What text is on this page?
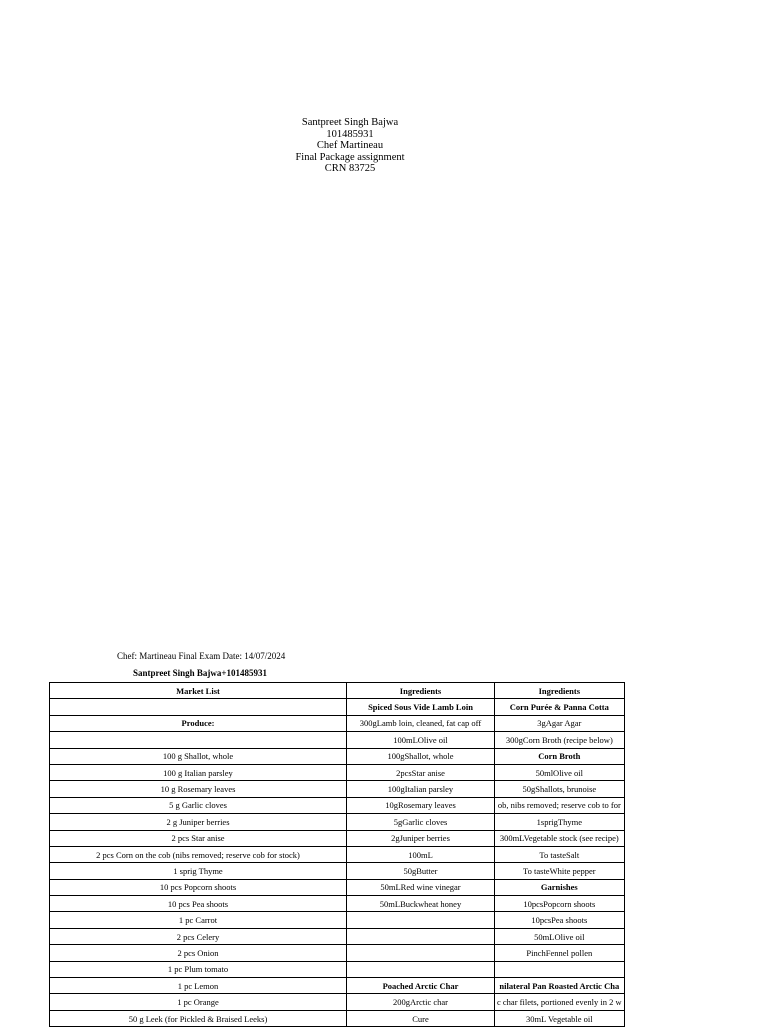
Santpreet Singh Bajwa
101485931
Chef Martineau
Final Package assignment
CRN 83725
Chef: Martineau Final Exam Date: 14/07/2024
Santpreet Singh Bajwa+101485931
Market List	Ingredients	Ingredients
	Spiced Sous Vide Lamb Loin	Corn Purée & Panna Cotta
Produce:	300gLamb loin, cleaned, fat cap off	3gAgar Agar
	100mLOlive oil	300gCorn Broth (recipe below)
100 g Shallot, whole	100gShallot, whole	Corn Broth
100 g Italian parsley	2pcsStar anise	50mlOlive oil
10 g Rosemary leaves	100gItalian parsley	50gShallots, brunoise
5 g Garlic cloves	10gRosemary leaves	ob, nibs removed; reserve cob to for
2 g Juniper berries	5gGarlic cloves	1sprigThyme
2 pcs Star anise	2gJuniper berries	300mLVegetable stock (see recipe)
2 pcs Corn on the cob (nibs removed; reserve cob for stock)	100mL	To tasteSalt
1 sprig Thyme	50gButter	To tasteWhite pepper
10 pcs Popcorn shoots	50mLRed wine vinegar	Garnishes
10 pcs Pea shoots	50mLBuckwheat honey	10pcsPopcorn shoots
1 pc Carrot		10pcsPea shoots
2 pcs Celery		50mLOlive oil
2 pcs Onion		PinchFennel pollen
1 pc Plum tomato		
1 pc Lemon	Poached Arctic Char	nilateral Pan Roasted Arctic Cha
1 pc Orange	200gArctic char	c char filets, portioned evenly in 2 w
50 g Leek (for Pickled & Braised Leeks)	Cure	30mL Vegetable oil
